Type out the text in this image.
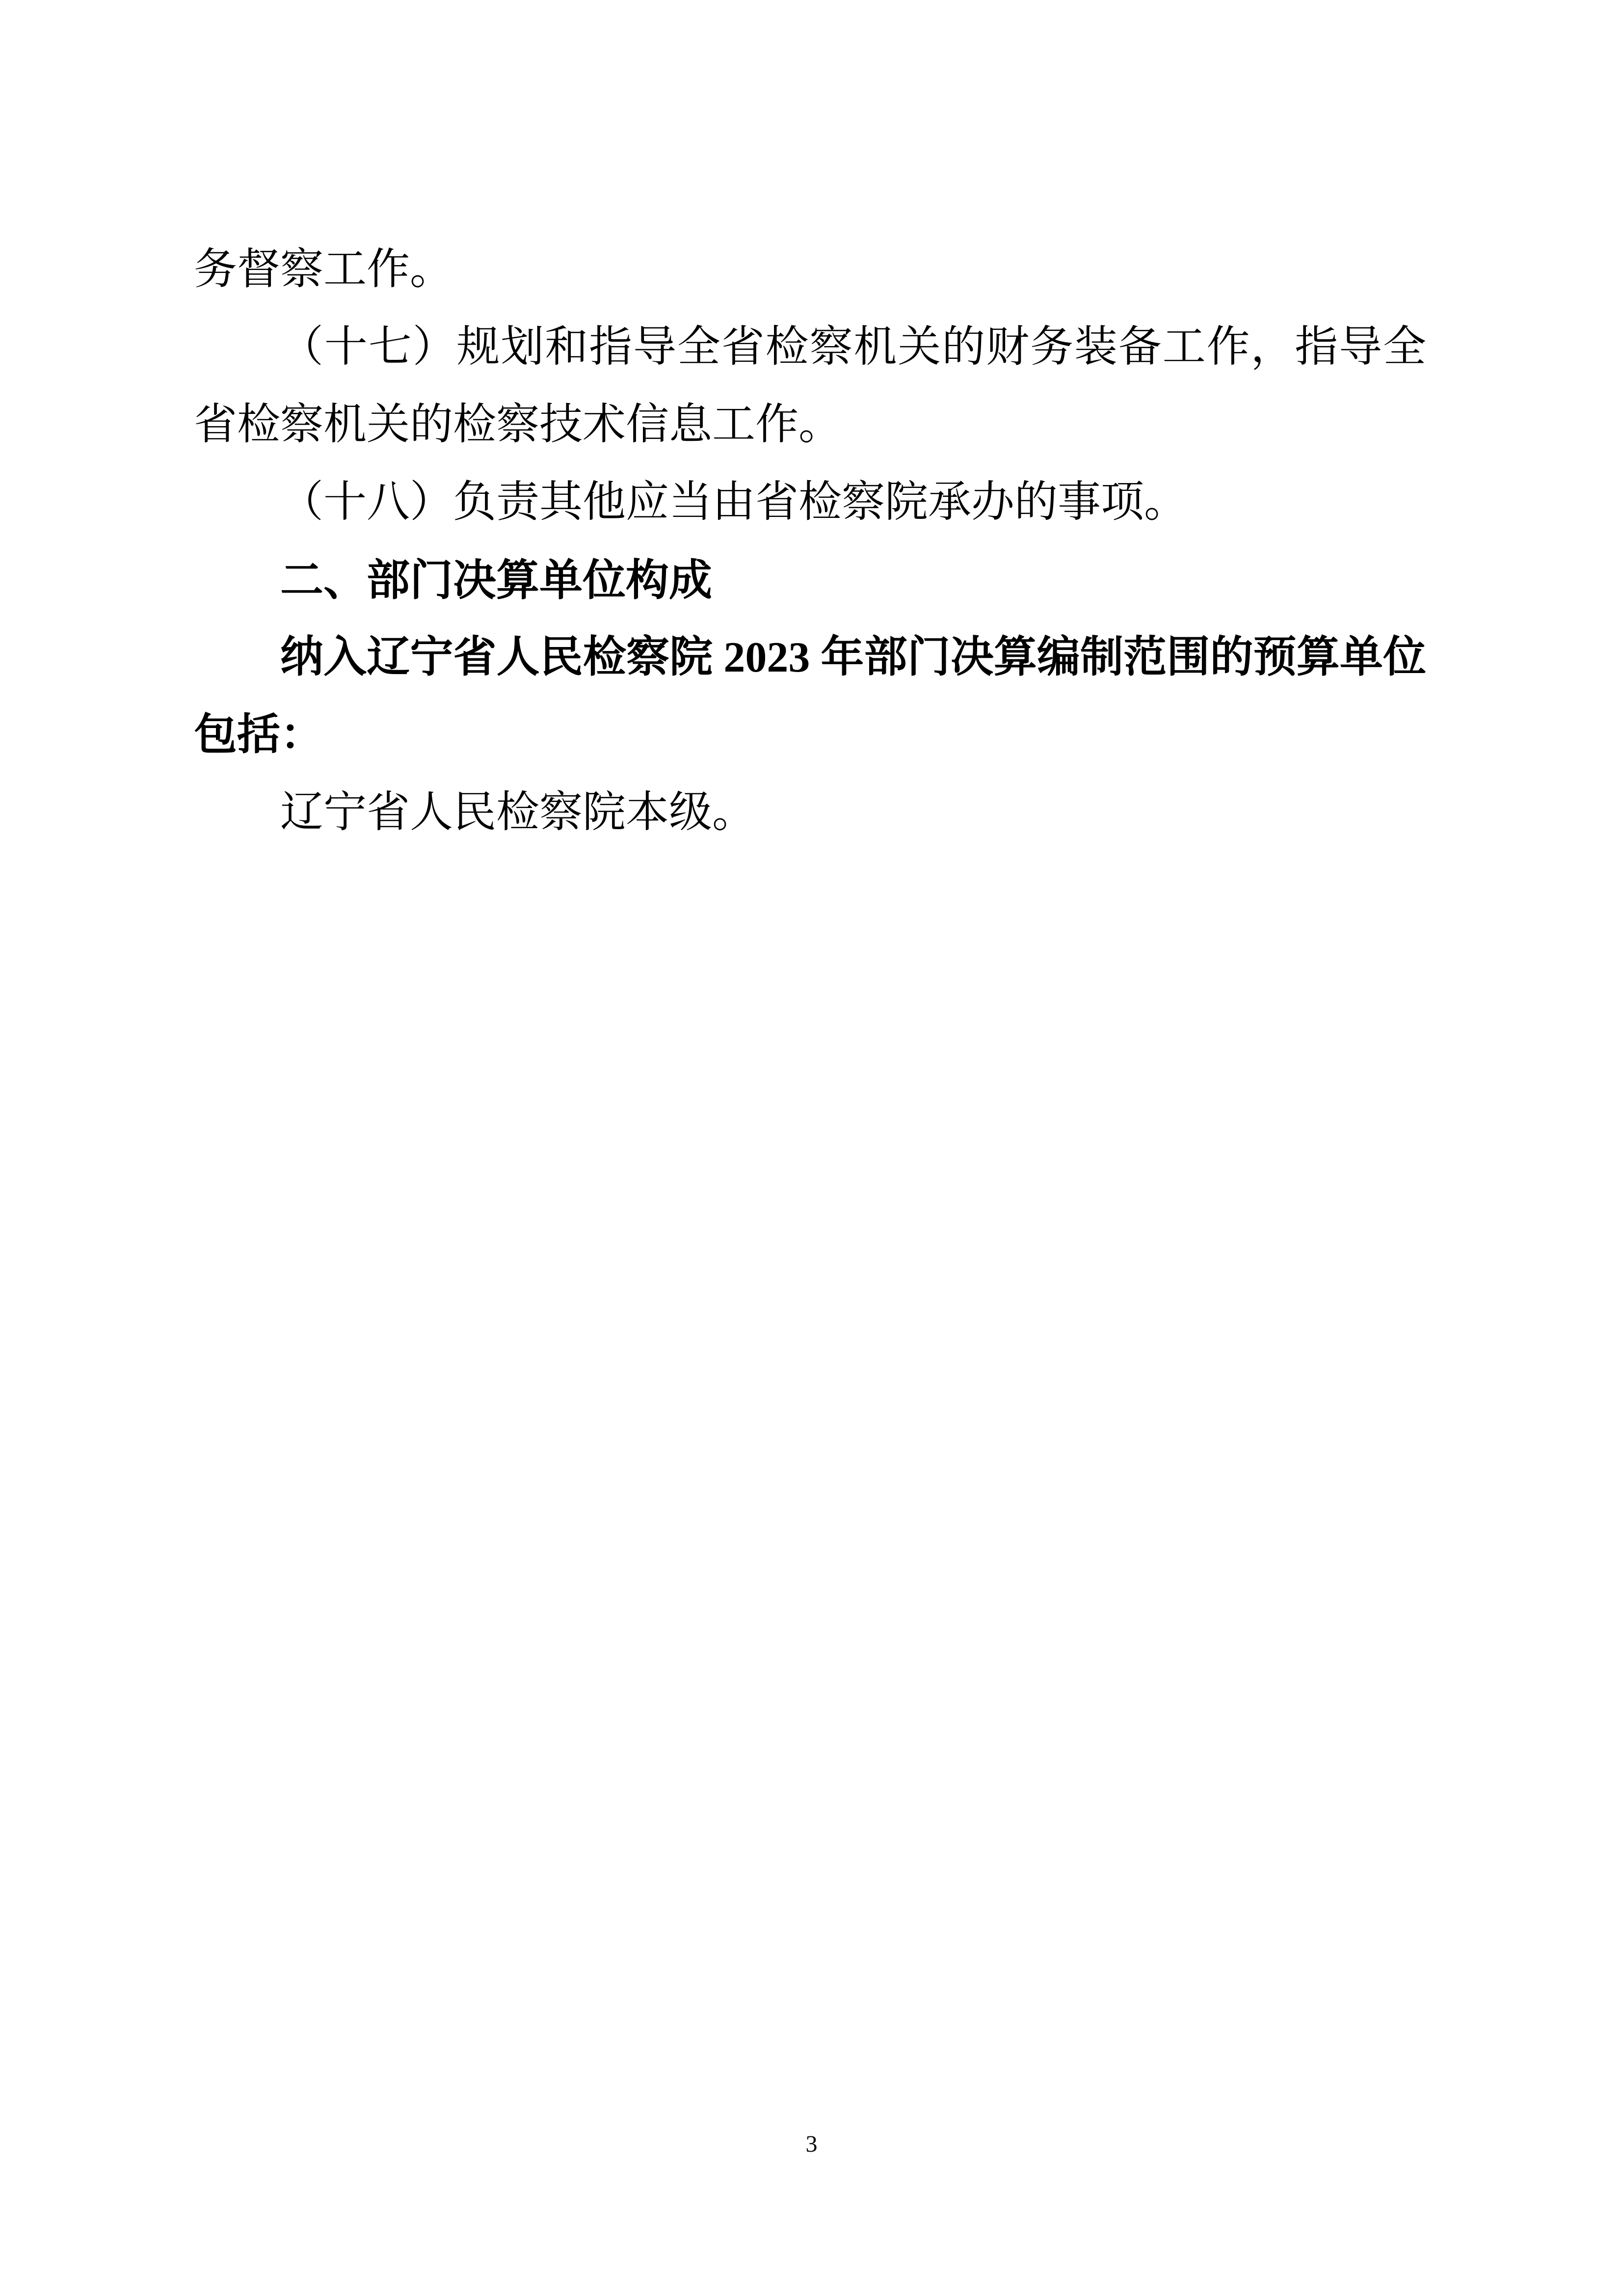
务督察工作。
（十七）规划和指导全省检察机关的财务装备工作，指导全
省检察机关的检察技术信息工作。
（十八）负责其他应当由省检察院承办的事项。
二、部门决算单位构成
纳入辽宁省人民检察院 2023 年部门决算编制范围的预算单位
包括：
辽宁省人民检察院本级。
3
